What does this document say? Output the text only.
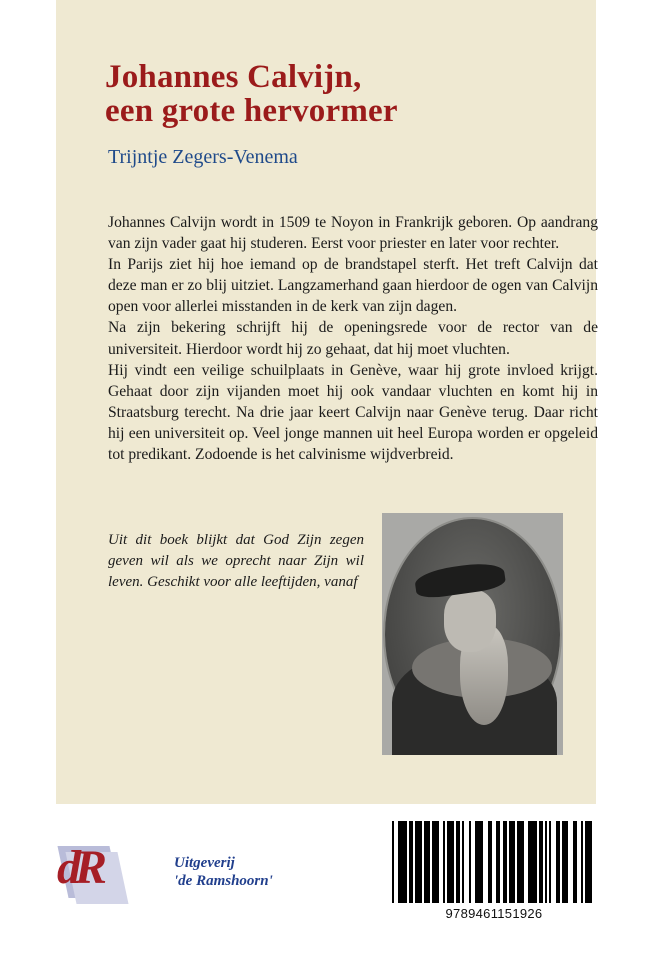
Johannes Calvijn,
een grote hervormer
Trijntje Zegers-Venema

Johannes Calvijn wordt in 1509 te Noyon in Frankrijk geboren. Op aandrang van zijn vader gaat hij studeren. Eerst voor priester en later voor rechter.

In Parijs ziet hij hoe iemand op de brandstapel sterft. Het treft Calvijn dat deze man er zo blij uitziet. Langzamerhand gaan hierdoor de ogen van Calvijn open voor allerlei misstanden in de kerk van zijn dagen.

Na zijn bekering schrijft hij de openingsrede voor de rector van de universiteit. Hierdoor wordt hij zo gehaat, dat hij moet vluchten.

Hij vindt een veilige schuilplaats in Genève, waar hij grote invloed krijgt. Gehaat door zijn vijanden moet hij ook vandaar vluchten en komt hij in Straatsburg terecht. Na drie jaar keert Calvijn naar Genève terug. Daar richt hij een universiteit op. Veel jonge mannen uit heel Europa worden er opgeleid tot predikant. Zodoende is het calvinisme wijdverbreid.

Uit dit boek blijkt dat God Zijn zegen geven wil als we oprecht naar Zijn wil leven. Geschikt voor alle leeftijden, vanaf
dR	Uitgeverij
'de Ramshoorn'
9789461151926
